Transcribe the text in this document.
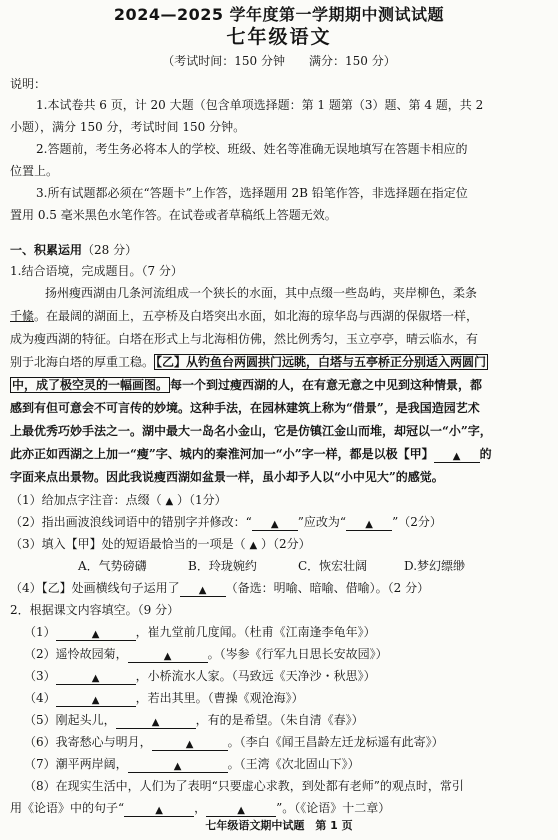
2024—2025 学年度第一学期期中测试试题
七年级语文
（考试时间：150 分钟　　满分：150 分）
说明：
1.本试卷共 6 页，计 20 大题（包含单项选择题：第 1 题第（3）题、第 4 题，共 2
小题），满分 150 分，考试时间 150 分钟。
2.答题前，考生务必将本人的学校、班级、姓名等准确无误地填写在答题卡相应的
位置上。
3.所有试题都必须在“答题卡”上作答，选择题用 2B 铅笔作答，非选择题在指定位
置用 0.5 毫米黑色水笔作答。在试卷或者草稿纸上答题无效。
一、积累运用（28 分）
1.结合语境，完成题目。（7 分）
扬州瘦西湖由几条河流组成一个狭长的水面，其中点缀一些岛屿，夹岸柳色，柔条
千絛。在最阔的湖面上，五亭桥及白塔突出水面，如北海的琼华岛与西湖的保俶塔一样，
成为瘦西湖的特征。白塔在形式上与北海相仿佛，然比例秀匀，玉立亭亭，晴云临水，有
别于北海白塔的厚重工稳。 【乙】从钓鱼台两圆拱门远眺，白塔与五亭桥正分别适入两圆门
中，成了极空灵的一幅画图。 每一个到过瘦西湖的人，在有意无意之中见到这种情景，都
感到有但可意会不可言传的妙境。这种手法，在园林建筑上称为“借景”，是我国造园艺术
上最优秀巧妙手法之一。湖中最大一岛名小金山，它是仿镇江金山而堆，却冠以一“小”字，
此亦正如西湖之上加一“瘦”字、城内的秦淮河加一“小”字一样，都是以极【甲】 ▲ 的
字面来点出景物。因此我说瘦西湖如盆景一样，虽小却予人以“小中见大”的感觉。
（1）给加点字注音：点缀（ ▲ ）（1分）
（2）指出画波浪线词语中的错别字并修改：“ ▲ ”应改为“ ▲ ”（2分）
（3）填入【甲】处的短语最恰当的一项是（ ▲ ）（2分）
A．气势磅礴	B．玲珑婉约	C．恢宏壮阔	D.梦幻缥缈
（4）【乙】处画横线句子运用了 ▲ （备选：明喻、暗喻、借喻）。（2 分）
2．根据课文内容填空。（9 分）
（1）	▲	，崔九堂前几度闻。（杜甫《江南逢李龟年》）
（2）遥怜故园菊，	▲	。（岑参《行军九日思长安故园》）
（3）	▲	，小桥流水人家。（马致远《天净沙・秋思》）
（4）	▲	，若出其里。（曹操《观沧海》）
（5）刚起头儿，	▲	，有的是希望。（朱自清《春》）
（6）我寄愁心与明月，	▲	。（李白《闻王昌龄左迁龙标遥有此寄》）
（7）潮平两岸阔，	▲	。（王湾《次北固山下》）
（8）在现实生活中，人们为了表明“只要虚心求教，到处都有老师”的观点时，常引
用《论语》中的句子“	▲	，	▲	”。（《论语》十二章）
七年级语文期中试题　第 1 页
